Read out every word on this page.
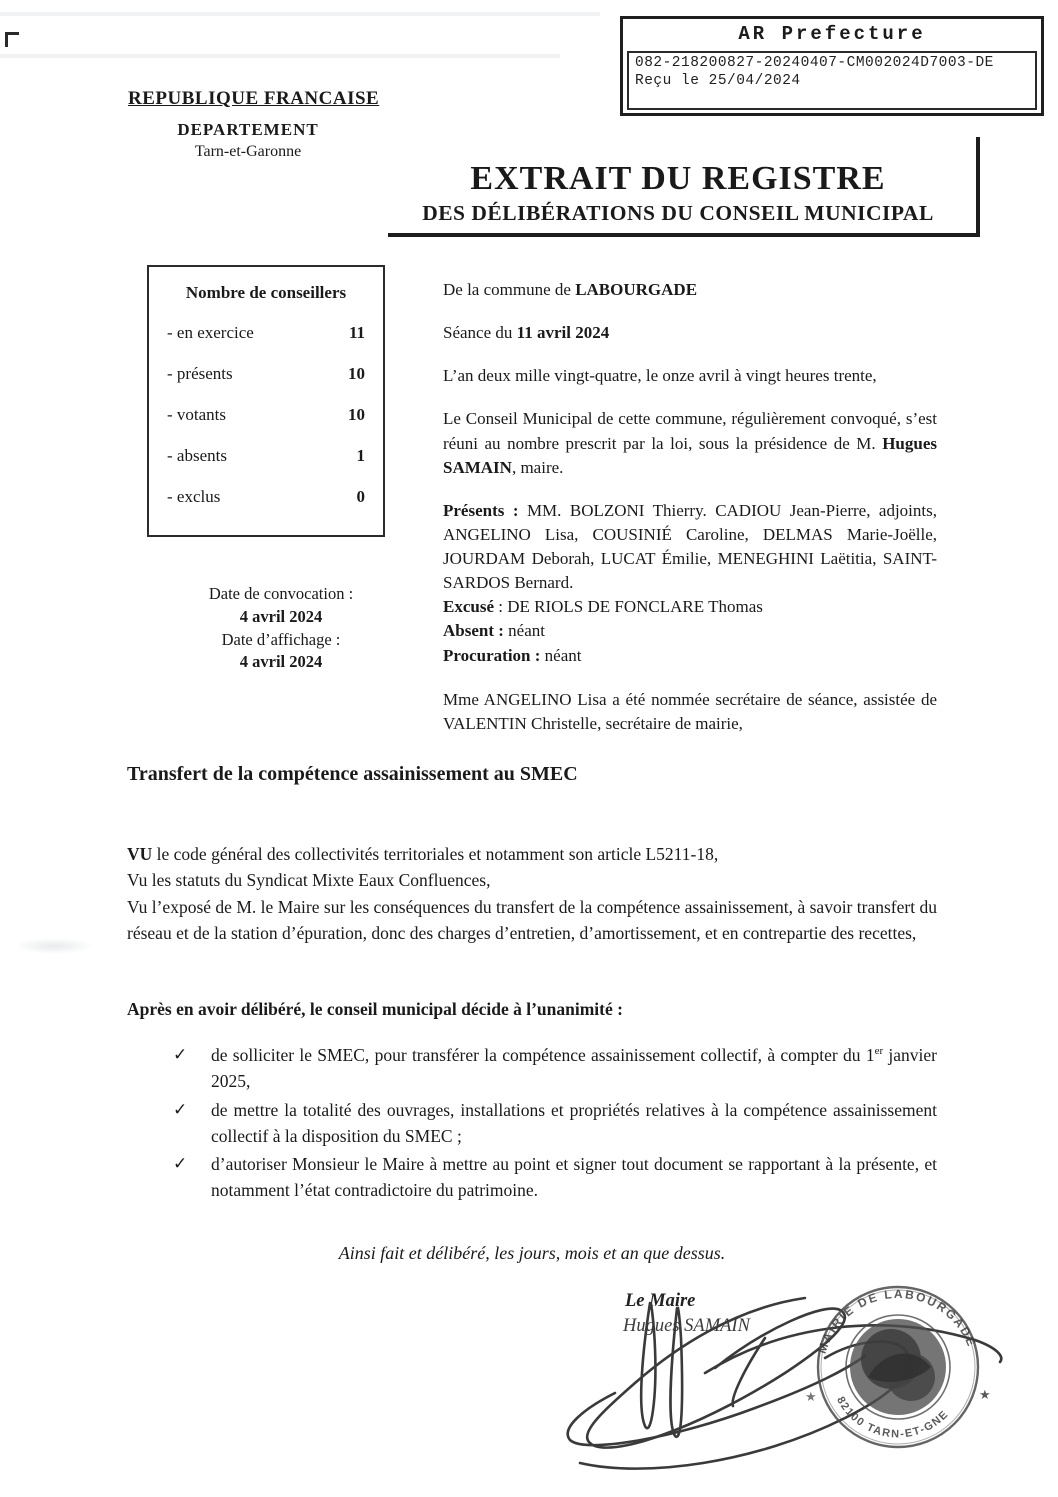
AR Prefecture
082-218200827-20240407-CM002024D7003-DE
Reçu le 25/04/2024
REPUBLIQUE FRANCAISE
DEPARTEMENT
Tarn-et-Garonne
EXTRAIT DU REGISTRE
DES DÉLIBÉRATIONS DU CONSEIL MUNICIPAL
Nombre de conseillers
- en exercice	11
- présents	10
- votants	10
- absents	1
- exclus	0
Date de convocation :
4 avril 2024
Date d’affichage :
4 avril 2024

De la commune de LABOURGADE

Séance du 11 avril 2024

L’an deux mille vingt-quatre, le onze avril à vingt heures trente,

Le Conseil Municipal de cette commune, régulièrement convoqué, s’est réuni au nombre prescrit par la loi, sous la présidence de M. Hugues SAMAIN, maire.

Présents : MM. BOLZONI Thierry. CADIOU Jean-Pierre, adjoints, ANGELINO Lisa, COUSINIÉ Caroline, DELMAS Marie-Joëlle, JOURDAM Deborah, LUCAT Émilie, MENEGHINI Laëtitia, SAINT-SARDOS Bernard.
Excusé : DE RIOLS DE FONCLARE Thomas
Absent : néant
Procuration : néant

Mme ANGELINO Lisa a été nommée secrétaire de séance, assistée de VALENTIN Christelle, secrétaire de mairie,

Transfert de la compétence assainissement au SMEC

VU le code général des collectivités territoriales et notamment son article L5211-18,

Vu les statuts du Syndicat Mixte Eaux Confluences,

Vu l’exposé de M. le Maire sur les conséquences du transfert de la compétence assainissement, à savoir transfert du réseau et de la station d’épuration, donc des charges d’entretien, d’amortissement, et en contrepartie des recettes,

Après en avoir délibéré, le conseil municipal décide à l’unanimité :
✓	de solliciter le SMEC, pour transférer la compétence assainissement collectif, à compter du 1er janvier 2025,
✓	de mettre la totalité des ouvrages, installations et propriétés relatives à la compétence assainissement collectif à la disposition du SMEC ;
✓	d’autoriser Monsieur le Maire à mettre au point et signer tout document se rapportant à la présente, et notamment l’état contradictoire du patrimoine.
Ainsi fait et délibéré, les jours, mois et an que dessus.
Le Maire
Hugues SAMAIN
MAIRIE DE LABOURGADE
82100 TARN-ET-GNE
★
★
